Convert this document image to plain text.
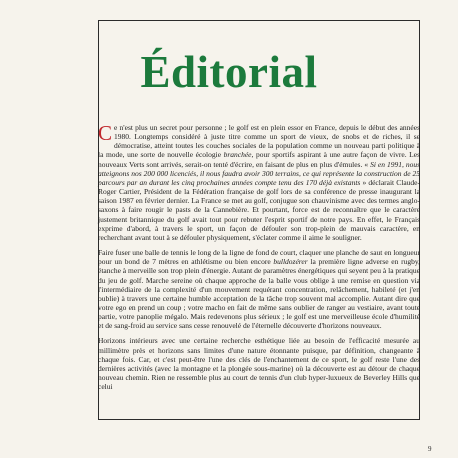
Éditorial

Ce n'est plus un secret pour personne ; le golf est en plein essor en France, depuis le début des années 1980. Longtemps considéré à juste titre comme un sport de vieux, de snobs et de riches, il se démocratise, atteint toutes les couches sociales de la population comme un nouveau parti politique à la mode, une sorte de nouvelle écologie branchée, pour sportifs aspirant à une autre façon de vivre. Les nouveaux Verts sont arrivés, serait-on tenté d'écrire, en faisant de plus en plus d'émules. « Si en 1991, nous atteignons nos 200 000 licenciés, il nous faudra avoir 300 terrains, ce qui représente la construction de 25 parcours par an durant les cinq prochaines années compte tenu des 170 déjà existants » déclarait Claude-Roger Cartier, Président de la Fédération française de golf lors de sa conférence de presse inaugurant la saison 1987 en février dernier. La France se met au golf, conjugue son chauvinisme avec des termes anglo-saxons à faire rougir le pasts de la Cannebière. Et pourtant, force est de reconnaître que le caractère justement britannique du golf avait tout pour rebuter l'esprit sportif de notre pays. En effet, le Français exprime d'abord, à travers le sport, un façon de défouler son trop-plein de mauvais caractère, en recherchant avant tout à se défouler physiquement, s'éclater comme il aime le souligner.

Faire fuser une balle de tennis le long de la ligne de fond de court, claquer une planche de saut en longueur pour un bond de 7 mètres en athlétisme ou bien encore bulldozérer la première ligne adverse en rugby, étanche à merveille son trop plein d'énergie. Autant de paramètres énergétiques qui seyent peu à la pratique du jeu de golf. Marche sereine où chaque approche de la balle vous oblige à une remise en question via l'intermédiaire de la complexité d'un mouvement requérant concentration, relâchement, habileté (et j'en oublie) à travers une certaine humble acceptation de la tâche trop souvent mal accomplie. Autant dire que votre ego en prend un coup ; votre macho en fait de même sans oublier de ranger au vestiaire, avant toute partie, votre panoplie mégalo. Mais redevenons plus sérieux ; le golf est une merveilleuse école d'humilité et de sang-froid au service sans cesse renouvelé de l'éternelle découverte d'horizons nouveaux.

Horizons intérieurs avec une certaine recherche esthétique liée au besoin de l'efficacité mesurée au millimètre près et horizons sans limites d'une nature étonnante puisque, par définition, changeante à chaque fois. Car, et c'est peut-être l'une des clés de l'enchantement de ce sport, le golf reste l'une des dernières activités (avec la montagne et la plongée sous-marine) où la découverte est au détour de chaque nouveau chemin. Rien ne ressemble plus au court de tennis d'un club hyper-luxueux de Beverley Hills que celui

9
